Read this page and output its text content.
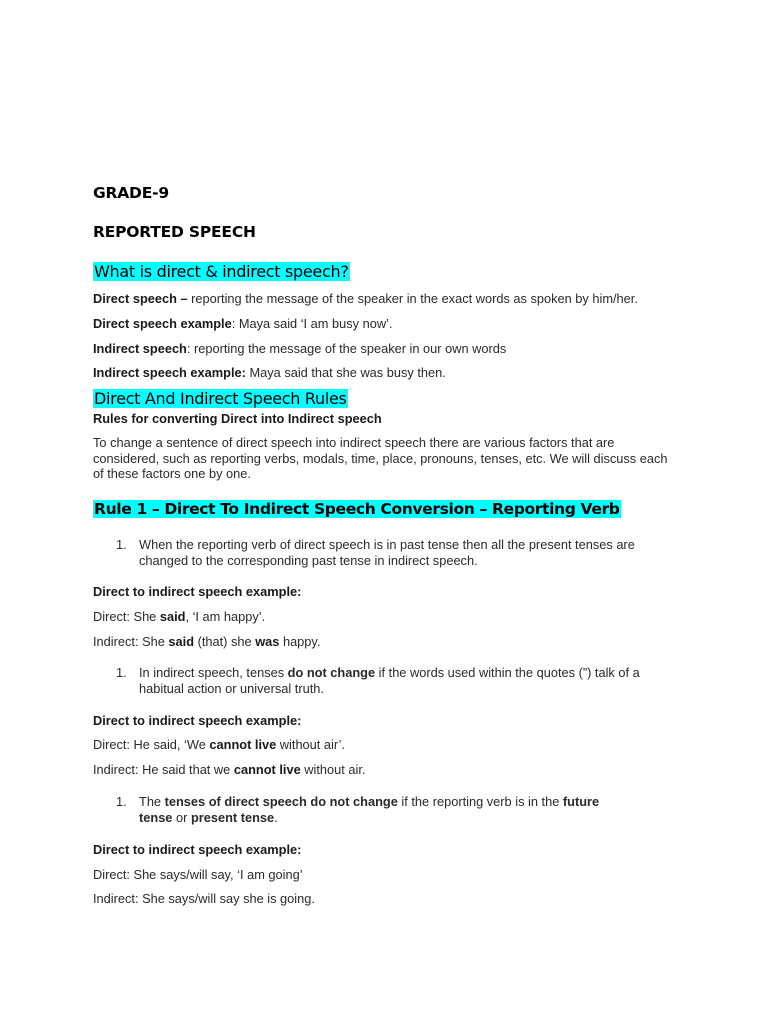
GRADE-9
REPORTED SPEECH
What is direct & indirect speech?
Direct speech – reporting the message of the speaker in the exact words as spoken by him/her.
Direct speech example: Maya said ‘I am busy now’.
Indirect speech: reporting the message of the speaker in our own words
Indirect speech example: Maya said that she was busy then.
Direct And Indirect Speech Rules
Rules for converting Direct into Indirect speech
To change a sentence of direct speech into indirect speech there are various factors that are considered, such as reporting verbs, modals, time, place, pronouns, tenses, etc. We will discuss each of these factors one by one.
Rule 1 – Direct To Indirect Speech Conversion – Reporting Verb
1. When the reporting verb of direct speech is in past tense then all the present tenses are changed to the corresponding past tense in indirect speech.
Direct to indirect speech example:
Direct: She said, ‘I am happy’.
Indirect: She said (that) she was happy.
1. In indirect speech, tenses do not change if the words used within the quotes (”) talk of a habitual action or universal truth.
Direct to indirect speech example:
Direct: He said, ‘We cannot live without air’.
Indirect: He said that we cannot live without air.
1. The tenses of direct speech do not change if the reporting verb is in the future tense or present tense.
Direct to indirect speech example:
Direct: She says/will say, ‘I am going’
Indirect: She says/will say she is going.
